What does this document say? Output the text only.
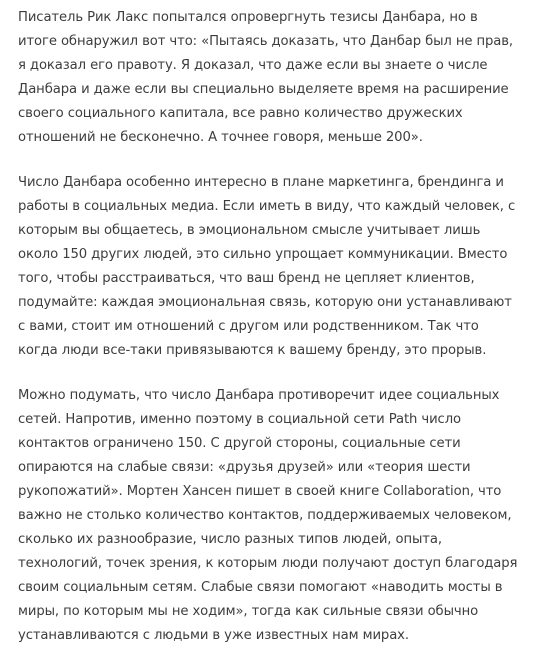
Писатель Рик Лакс попытался опровергнуть тезисы Данбара, но в итоге обнаружил вот что: «Пытаясь доказать, что Данбар был не прав, я доказал его правоту. Я доказал, что даже если вы знаете о числе Данбара и даже если вы специально выделяете время на расширение своего социального капитала, все равно количество дружеских отношений не бесконечно. А точнее говоря, меньше 200».

Число Данбара особенно интересно в плане маркетинга, брендинга и работы в социальных медиа. Если иметь в виду, что каждый человек, с которым вы общаетесь, в эмоциональном смысле учитывает лишь около 150 других людей, это сильно упрощает коммуникации. Вместо того, чтобы расстраиваться, что ваш бренд не цепляет клиентов, подумайте: каждая эмоциональная связь, которую они устанавливают с вами, стоит им отношений с другом или родственником. Так что когда люди все-таки привязываются к вашему бренду, это прорыв.

Можно подумать, что число Данбара противоречит идее социальных сетей. Напротив, именно поэтому в социальной сети Path число контактов ограничено 150. С другой стороны, социальные сети опираются на слабые связи: «друзья друзей» или «теория шести рукопожатий». Мортен Хансен пишет в своей книге Collaboration, что важно не столько количество контактов, поддерживаемых человеком, сколько их разнообразие, число разных типов людей, опыта, технологий, точек зрения, к которым люди получают доступ благодаря своим социальным сетям. Слабые связи помогают «наводить мосты в миры, по которым мы не ходим», тогда как сильные связи обычно устанавливаются с людьми в уже известных нам мирах.
